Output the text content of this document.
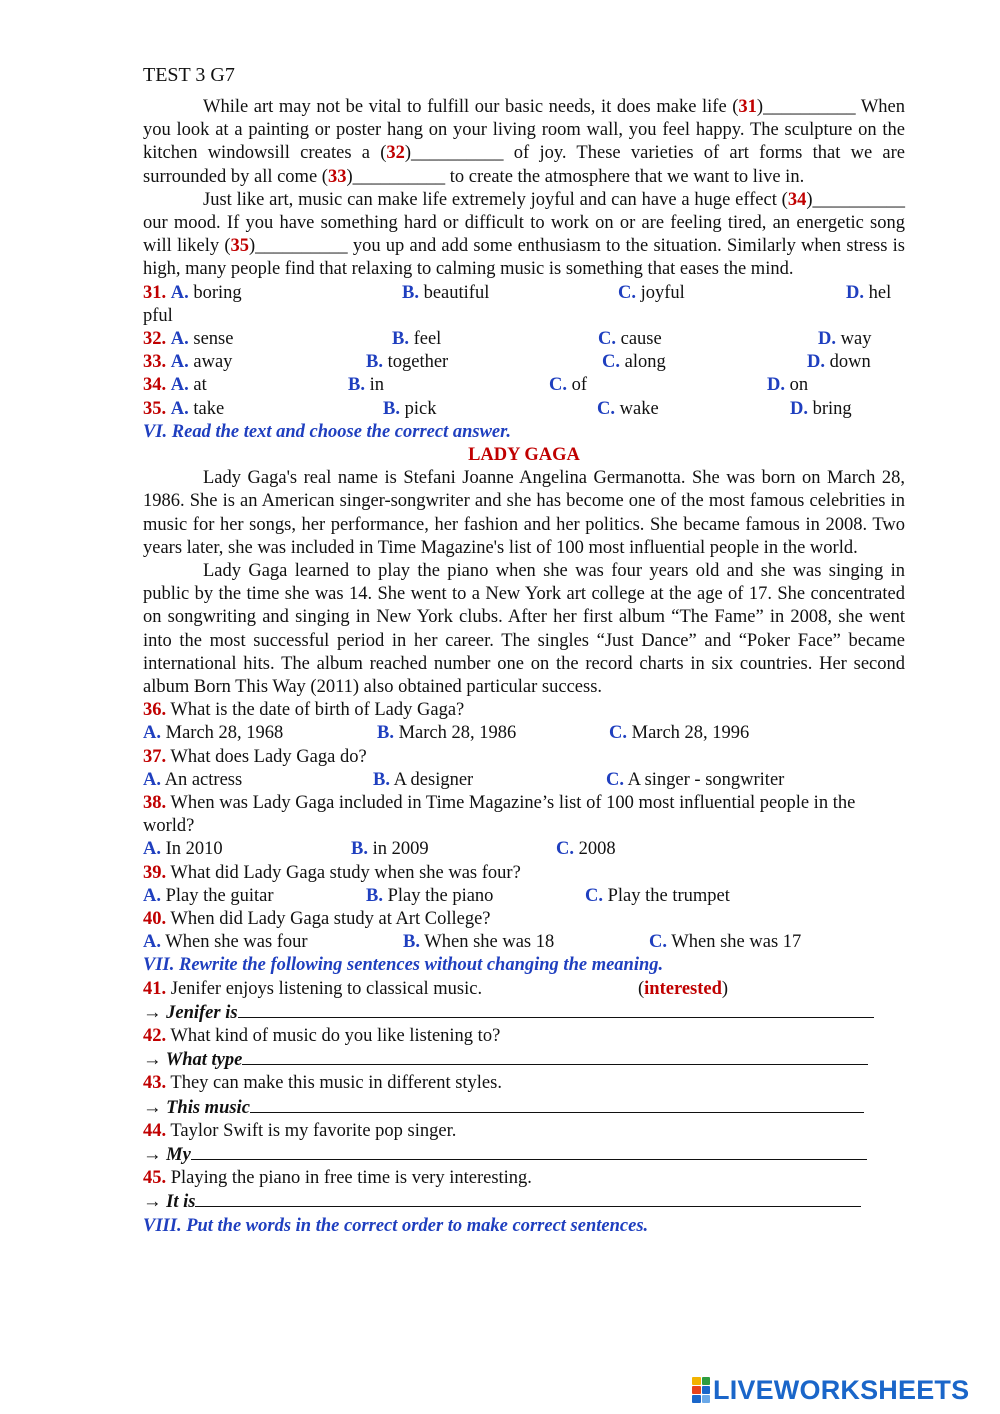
TEST 3 G7

While art may not be vital to fulfill our basic needs, it does make life (31)__________ When you look at a painting or poster hang on your living room wall, you feel happy. The sculpture on the kitchen windowsill creates a (32)__________ of joy. These varieties of art forms that we are surrounded by all come (33)__________ to create the atmosphere that we want to live in.

Just like art, music can make life extremely joyful and can have a huge effect (34)__________ our mood. If you have something hard or difficult to work on or are feeling tired, an energetic song will likely (35)__________ you up and add some enthusiasm to the situation. Similarly when stress is high, many people find that relaxing to calming music is something that eases the mind.

31. A. boring	B. beautiful	C. joyful	D. hel
pful
32. A. sense	B. feel	C. cause	D. way
33. A. away	B. together	C. along	D. down
34. A. at	B. in	C. of	D. on
35. A. take	B. pick	C. wake	D. bring
VI. Read the text and choose the correct answer.
LADY GAGA

Lady Gaga's real name is Stefani Joanne Angelina Germanotta. She was born on March 28, 1986. She is an American singer-songwriter and she has become one of the most famous celebrities in music for her songs, her performance, her fashion and her politics. She became famous in 2008. Two years later, she was included in Time Magazine's list of 100 most influential people in the world.

Lady Gaga learned to play the piano when she was four years old and she was singing in public by the time she was 14. She went to a New York art college at the age of 17. She concentrated on songwriting and singing in New York clubs. After her first album “The Fame” in 2008, she went into the most successful period in her career. The singles “Just Dance” and “Poker Face” became international hits. The album reached number one on the record charts in six countries. Her second album Born This Way (2011) also obtained particular success.

36. What is the date of birth of Lady Gaga?
A. March 28, 1968	B. March 28, 1986	C. March 28, 1996
37. What does Lady Gaga do?
A. An actress	B. A designer	C. A singer - songwriter
38. When was Lady Gaga included in Time Magazine’s list of 100 most influential people in the world?
A. In 2010	B. in 2009	C. 2008
39. What did Lady Gaga study when she was four?
A. Play the guitar	B. Play the piano	C. Play the trumpet
40. When did Lady Gaga study at Art College?
A. When she was four	B. When she was 18	C. When she was 17
VII. Rewrite the following sentences without changing the meaning.
41. Jenifer enjoys listening to classical music.	(interested)
→ Jenifer is
42. What kind of music do you like listening to?
→ What type
43. They can make this music in different styles.
→ This music
44. Taylor Swift is my favorite pop singer.
→ My
45. Playing the piano in free time is very interesting.
→ It is
VIII. Put the words in the correct order to make correct sentences.
LIVEWORKSHEETS
